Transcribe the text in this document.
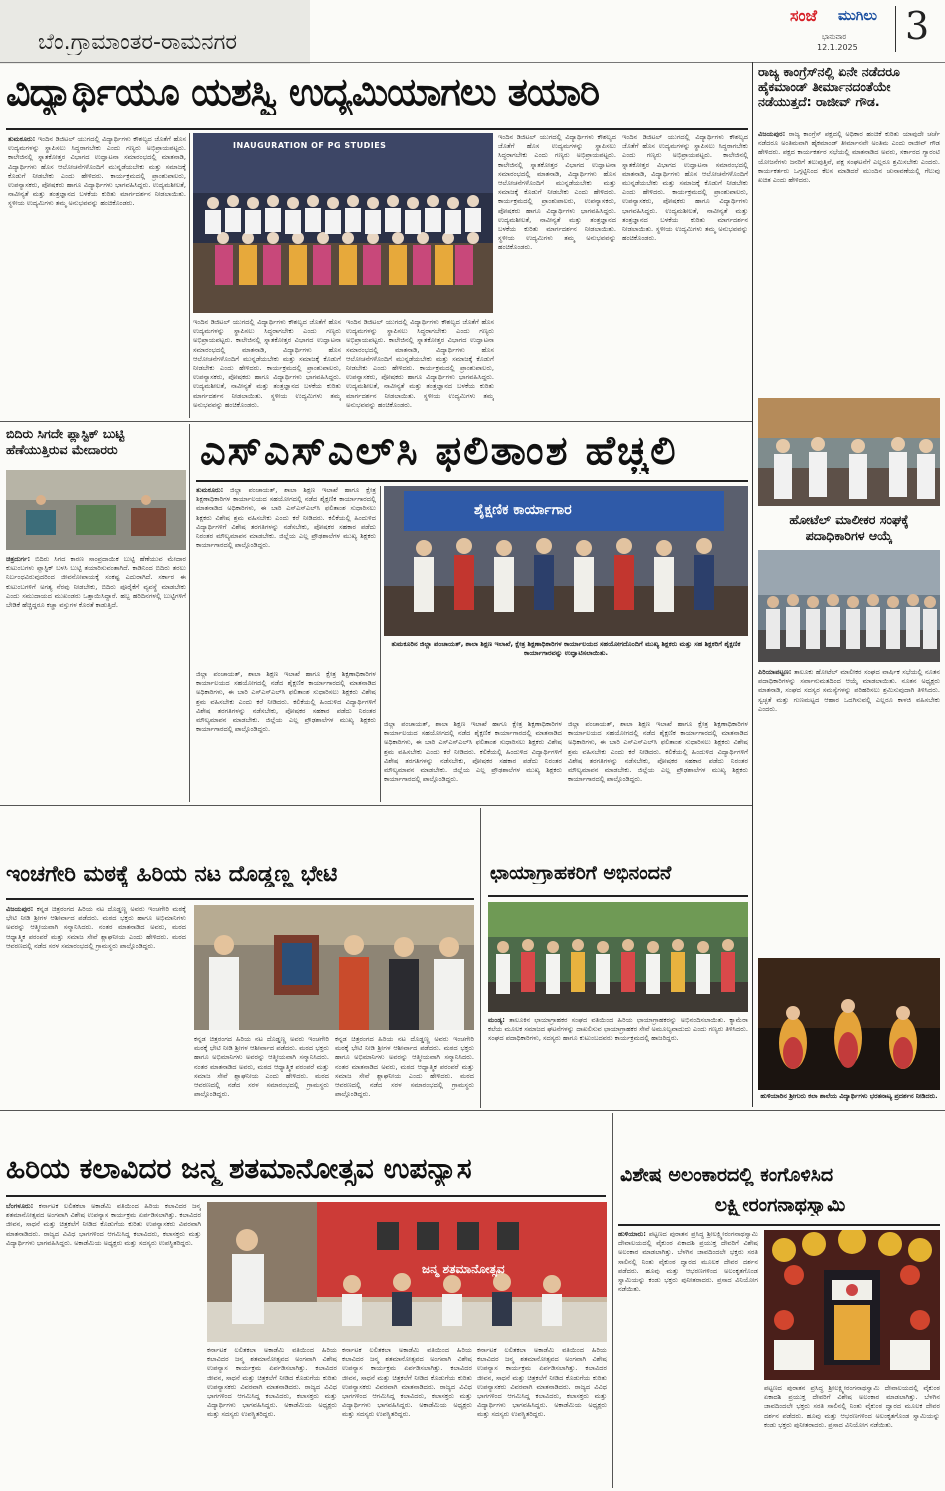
ಬೆಂ.ಗ್ರಾಮಾಂತರ-ರಾಮನಗರ
ಸಂಜೆ ಮುಗಿಲು
ಭಾನುವಾರ
12.1.2025 3
ವಿದ್ಯಾರ್ಥಿಯೂ ಯಶಸ್ವಿ ಉದ್ಯಮಿಯಾಗಲು ತಯಾರಿ
ತುಮಕೂರು: ಇಂದಿನ ಡಿಜಿಟಲ್ ಯುಗದಲ್ಲಿ ವಿದ್ಯಾರ್ಥಿಗಳು ಕೌಶಲ್ಯದ ಜೊತೆಗೆ ಹೊಸ ಉದ್ಯಮಗಳನ್ನು ಸ್ಥಾಪಿಸಲು ಸಿದ್ಧರಾಗಬೇಕು ಎಂದು ಗಣ್ಯರು ಅಭಿಪ್ರಾಯಪಟ್ಟರು. ಕಾಲೇಜಿನಲ್ಲಿ ಸ್ನಾತಕೋತ್ತರ ವಿಭಾಗದ ಉದ್ಘಾಟನಾ ಸಮಾರಂಭದಲ್ಲಿ ಮಾತನಾಡಿ, ವಿದ್ಯಾರ್ಥಿಗಳು ಹೊಸ ಆಲೋಚನೆಗಳೊಂದಿಗೆ ಮುನ್ನಡೆಯಬೇಕು ಮತ್ತು ಸಮಾಜಕ್ಕೆ ಕೊಡುಗೆ ನೀಡಬೇಕು ಎಂದು ಹೇಳಿದರು. ಕಾರ್ಯಕ್ರಮದಲ್ಲಿ ಪ್ರಾಂಶುಪಾಲರು, ಉಪನ್ಯಾಸಕರು, ಪೋಷಕರು ಹಾಗೂ ವಿದ್ಯಾರ್ಥಿಗಳು ಭಾಗವಹಿಸಿದ್ದರು. ಉದ್ಯಮಶೀಲತೆ, ನಾವೀನ್ಯತೆ ಮತ್ತು ತಂತ್ರಜ್ಞಾನದ ಬಳಕೆಯ ಕುರಿತು ಮಾರ್ಗದರ್ಶನ ನೀಡಲಾಯಿತು. ಸ್ಥಳೀಯ ಉದ್ಯಮಿಗಳು ತಮ್ಮ ಅನುಭವವನ್ನು ಹಂಚಿಕೊಂಡರು.
INAUGURATION OF PG STUDIES
ಇಂದಿನ ಡಿಜಿಟಲ್ ಯುಗದಲ್ಲಿ ವಿದ್ಯಾರ್ಥಿಗಳು ಕೌಶಲ್ಯದ ಜೊತೆಗೆ ಹೊಸ ಉದ್ಯಮಗಳನ್ನು ಸ್ಥಾಪಿಸಲು ಸಿದ್ಧರಾಗಬೇಕು ಎಂದು ಗಣ್ಯರು ಅಭಿಪ್ರಾಯಪಟ್ಟರು. ಕಾಲೇಜಿನಲ್ಲಿ ಸ್ನಾತಕೋತ್ತರ ವಿಭಾಗದ ಉದ್ಘಾಟನಾ ಸಮಾರಂಭದಲ್ಲಿ ಮಾತನಾಡಿ, ವಿದ್ಯಾರ್ಥಿಗಳು ಹೊಸ ಆಲೋಚನೆಗಳೊಂದಿಗೆ ಮುನ್ನಡೆಯಬೇಕು ಮತ್ತು ಸಮಾಜಕ್ಕೆ ಕೊಡುಗೆ ನೀಡಬೇಕು ಎಂದು ಹೇಳಿದರು. ಕಾರ್ಯಕ್ರಮದಲ್ಲಿ ಪ್ರಾಂಶುಪಾಲರು, ಉಪನ್ಯಾಸಕರು, ಪೋಷಕರು ಹಾಗೂ ವಿದ್ಯಾರ್ಥಿಗಳು ಭಾಗವಹಿಸಿದ್ದರು. ಉದ್ಯಮಶೀಲತೆ, ನಾವೀನ್ಯತೆ ಮತ್ತು ತಂತ್ರಜ್ಞಾನದ ಬಳಕೆಯ ಕುರಿತು ಮಾರ್ಗದರ್ಶನ ನೀಡಲಾಯಿತು. ಸ್ಥಳೀಯ ಉದ್ಯಮಿಗಳು ತಮ್ಮ ಅನುಭವವನ್ನು ಹಂಚಿಕೊಂಡರು.
ಇಂದಿನ ಡಿಜಿಟಲ್ ಯುಗದಲ್ಲಿ ವಿದ್ಯಾರ್ಥಿಗಳು ಕೌಶಲ್ಯದ ಜೊತೆಗೆ ಹೊಸ ಉದ್ಯಮಗಳನ್ನು ಸ್ಥಾಪಿಸಲು ಸಿದ್ಧರಾಗಬೇಕು ಎಂದು ಗಣ್ಯರು ಅಭಿಪ್ರಾಯಪಟ್ಟರು. ಕಾಲೇಜಿನಲ್ಲಿ ಸ್ನಾತಕೋತ್ತರ ವಿಭಾಗದ ಉದ್ಘಾಟನಾ ಸಮಾರಂಭದಲ್ಲಿ ಮಾತನಾಡಿ, ವಿದ್ಯಾರ್ಥಿಗಳು ಹೊಸ ಆಲೋಚನೆಗಳೊಂದಿಗೆ ಮುನ್ನಡೆಯಬೇಕು ಮತ್ತು ಸಮಾಜಕ್ಕೆ ಕೊಡುಗೆ ನೀಡಬೇಕು ಎಂದು ಹೇಳಿದರು. ಕಾರ್ಯಕ್ರಮದಲ್ಲಿ ಪ್ರಾಂಶುಪಾಲರು, ಉಪನ್ಯಾಸಕರು, ಪೋಷಕರು ಹಾಗೂ ವಿದ್ಯಾರ್ಥಿಗಳು ಭಾಗವಹಿಸಿದ್ದರು. ಉದ್ಯಮಶೀಲತೆ, ನಾವೀನ್ಯತೆ ಮತ್ತು ತಂತ್ರಜ್ಞಾನದ ಬಳಕೆಯ ಕುರಿತು ಮಾರ್ಗದರ್ಶನ ನೀಡಲಾಯಿತು. ಸ್ಥಳೀಯ ಉದ್ಯಮಿಗಳು ತಮ್ಮ ಅನುಭವವನ್ನು ಹಂಚಿಕೊಂಡರು.
ಇಂದಿನ ಡಿಜಿಟಲ್ ಯುಗದಲ್ಲಿ ವಿದ್ಯಾರ್ಥಿಗಳು ಕೌಶಲ್ಯದ ಜೊತೆಗೆ ಹೊಸ ಉದ್ಯಮಗಳನ್ನು ಸ್ಥಾಪಿಸಲು ಸಿದ್ಧರಾಗಬೇಕು ಎಂದು ಗಣ್ಯರು ಅಭಿಪ್ರಾಯಪಟ್ಟರು. ಕಾಲೇಜಿನಲ್ಲಿ ಸ್ನಾತಕೋತ್ತರ ವಿಭಾಗದ ಉದ್ಘಾಟನಾ ಸಮಾರಂಭದಲ್ಲಿ ಮಾತನಾಡಿ, ವಿದ್ಯಾರ್ಥಿಗಳು ಹೊಸ ಆಲೋಚನೆಗಳೊಂದಿಗೆ ಮುನ್ನಡೆಯಬೇಕು ಮತ್ತು ಸಮಾಜಕ್ಕೆ ಕೊಡುಗೆ ನೀಡಬೇಕು ಎಂದು ಹೇಳಿದರು. ಕಾರ್ಯಕ್ರಮದಲ್ಲಿ ಪ್ರಾಂಶುಪಾಲರು, ಉಪನ್ಯಾಸಕರು, ಪೋಷಕರು ಹಾಗೂ ವಿದ್ಯಾರ್ಥಿಗಳು ಭಾಗವಹಿಸಿದ್ದರು. ಉದ್ಯಮಶೀಲತೆ, ನಾವೀನ್ಯತೆ ಮತ್ತು ತಂತ್ರಜ್ಞಾನದ ಬಳಕೆಯ ಕುರಿತು ಮಾರ್ಗದರ್ಶನ ನೀಡಲಾಯಿತು. ಸ್ಥಳೀಯ ಉದ್ಯಮಿಗಳು ತಮ್ಮ ಅನುಭವವನ್ನು ಹಂಚಿಕೊಂಡರು.
ಇಂದಿನ ಡಿಜಿಟಲ್ ಯುಗದಲ್ಲಿ ವಿದ್ಯಾರ್ಥಿಗಳು ಕೌಶಲ್ಯದ ಜೊತೆಗೆ ಹೊಸ ಉದ್ಯಮಗಳನ್ನು ಸ್ಥಾಪಿಸಲು ಸಿದ್ಧರಾಗಬೇಕು ಎಂದು ಗಣ್ಯರು ಅಭಿಪ್ರಾಯಪಟ್ಟರು. ಕಾಲೇಜಿನಲ್ಲಿ ಸ್ನಾತಕೋತ್ತರ ವಿಭಾಗದ ಉದ್ಘಾಟನಾ ಸಮಾರಂಭದಲ್ಲಿ ಮಾತನಾಡಿ, ವಿದ್ಯಾರ್ಥಿಗಳು ಹೊಸ ಆಲೋಚನೆಗಳೊಂದಿಗೆ ಮುನ್ನಡೆಯಬೇಕು ಮತ್ತು ಸಮಾಜಕ್ಕೆ ಕೊಡುಗೆ ನೀಡಬೇಕು ಎಂದು ಹೇಳಿದರು. ಕಾರ್ಯಕ್ರಮದಲ್ಲಿ ಪ್ರಾಂಶುಪಾಲರು, ಉಪನ್ಯಾಸಕರು, ಪೋಷಕರು ಹಾಗೂ ವಿದ್ಯಾರ್ಥಿಗಳು ಭಾಗವಹಿಸಿದ್ದರು. ಉದ್ಯಮಶೀಲತೆ, ನಾವೀನ್ಯತೆ ಮತ್ತು ತಂತ್ರಜ್ಞಾನದ ಬಳಕೆಯ ಕುರಿತು ಮಾರ್ಗದರ್ಶನ ನೀಡಲಾಯಿತು. ಸ್ಥಳೀಯ ಉದ್ಯಮಿಗಳು ತಮ್ಮ ಅನುಭವವನ್ನು ಹಂಚಿಕೊಂಡರು.
ರಾಜ್ಯ ಕಾಂಗ್ರೆಸ್‌ನಲ್ಲಿ ಏನೇ ನಡೆದರೂ ಹೈಕಮಾಂಡ್ ತೀರ್ಮಾನದಂತೆಯೇ ನಡೆಯುತ್ತದೆ: ರಾಜೀವ್ ಗೌಡ.
ವಿಜಯಪುರ: ರಾಜ್ಯ ಕಾಂಗ್ರೆಸ್ ಪಕ್ಷದಲ್ಲಿ ಅಧಿಕಾರ ಹಂಚಿಕೆ ಕುರಿತು ಯಾವುದೇ ಚರ್ಚೆ ನಡೆದರೂ ಅಂತಿಮವಾಗಿ ಹೈಕಮಾಂಡ್ ತೀರ್ಮಾನವೇ ಅಂತಿಮ ಎಂದು ರಾಜೀವ್ ಗೌಡ ಹೇಳಿದರು. ಪಕ್ಷದ ಕಾರ್ಯಕರ್ತರ ಸಭೆಯಲ್ಲಿ ಮಾತನಾಡಿದ ಅವರು, ಸರ್ಕಾರದ ಗ್ಯಾರಂಟಿ ಯೋಜನೆಗಳು ಜನರಿಗೆ ತಲುಪುತ್ತಿವೆ, ಪಕ್ಷ ಸಂಘಟನೆಗೆ ಎಲ್ಲರೂ ಶ್ರಮಿಸಬೇಕು ಎಂದರು. ಕಾರ್ಯಕರ್ತರು ಒಗ್ಗಟ್ಟಿನಿಂದ ಕೆಲಸ ಮಾಡಿದರೆ ಮುಂದಿನ ಚುನಾವಣೆಯಲ್ಲಿ ಗೆಲುವು ಖಚಿತ ಎಂದು ಹೇಳಿದರು.
ಹೋಟೆಲ್ ಮಾಲೀಕರ ಸಂಘಕ್ಕೆ ಪದಾಧಿಕಾರಿಗಳ ಆಯ್ಕೆ
ಪಿರಿಯಾಪಟ್ಟಣ: ತಾಲೂಕು ಹೋಟೆಲ್ ಮಾಲೀಕರ ಸಂಘದ ವಾರ್ಷಿಕ ಸಭೆಯಲ್ಲಿ ನೂತನ ಪದಾಧಿಕಾರಿಗಳನ್ನು ಸರ್ವಾನುಮತದಿಂದ ಆಯ್ಕೆ ಮಾಡಲಾಯಿತು. ನೂತನ ಅಧ್ಯಕ್ಷರು ಮಾತನಾಡಿ, ಸಂಘದ ಸದಸ್ಯರ ಸಮಸ್ಯೆಗಳನ್ನು ಪರಿಹರಿಸಲು ಶ್ರಮಿಸುವುದಾಗಿ ತಿಳಿಸಿದರು. ಸ್ವಚ್ಛತೆ ಮತ್ತು ಗುಣಮಟ್ಟದ ಆಹಾರ ಒದಗಿಸುವಲ್ಲಿ ಎಲ್ಲರೂ ಕಾಳಜಿ ವಹಿಸಬೇಕು ಎಂದರು.
ಹುಳಿಯಾರಿನ ಶ್ರೀಗುರು ಕಲಾ ಶಾಲೆಯ ವಿದ್ಯಾರ್ಥಿಗಳು ಭರತನಾಟ್ಯ ಪ್ರದರ್ಶನ ನೀಡಿದರು.
ಬಿದಿರು ಸಿಗದೇ ಪ್ಲಾಸ್ಟಿಕ್ ಬುಟ್ಟಿ ಹೆಣೆಯುತ್ತಿರುವ ಮೇದಾರರು
ಚಿತ್ರದುರ್ಗ: ಬಿದಿರು ಸಿಗದ ಕಾರಣ ಸಾಂಪ್ರದಾಯಿಕ ಬುಟ್ಟಿ ಹೆಣೆಯುವ ಮೇದಾರ ಕುಟುಂಬಗಳು ಪ್ಲಾಸ್ಟಿಕ್ ಬಳಸಿ ಬುಟ್ಟಿ ತಯಾರಿಸುವಂತಾಗಿದೆ. ಕಾಡಿನಿಂದ ಬಿದಿರು ತರಲು ನಿರ್ಬಂಧವಿರುವುದರಿಂದ ಜೀವನೋಪಾಯಕ್ಕೆ ಸಂಕಷ್ಟ ಎದುರಾಗಿದೆ. ಸರ್ಕಾರ ಈ ಕುಟುಂಬಗಳಿಗೆ ಅಗತ್ಯ ನೆರವು ನೀಡಬೇಕು, ಬಿದಿರು ಪೂರೈಕೆಗೆ ವ್ಯವಸ್ಥೆ ಮಾಡಬೇಕು ಎಂದು ಸಮುದಾಯದ ಮುಖಂಡರು ಒತ್ತಾಯಿಸಿದ್ದಾರೆ. ಹಬ್ಬ ಹರಿದಿನಗಳಲ್ಲಿ ಬುಟ್ಟಿಗಳಿಗೆ ಬೇಡಿಕೆ ಹೆಚ್ಚಿದ್ದರೂ ಕಚ್ಚಾ ವಸ್ತುಗಳ ಕೊರತೆ ಕಾಡುತ್ತಿದೆ.
ಎಸ್‌ಎಸ್‌ಎಲ್‌ಸಿ ಫಲಿತಾಂಶ ಹೆಚ್ಚಲಿ
ತುಮಕೂರು: ಜಿಲ್ಲಾ ಪಂಚಾಯತ್, ಶಾಲಾ ಶಿಕ್ಷಣ ಇಲಾಖೆ ಹಾಗೂ ಕ್ಷೇತ್ರ ಶಿಕ್ಷಣಾಧಿಕಾರಿಗಳ ಕಾರ್ಯಾಲಯದ ಸಹಯೋಗದಲ್ಲಿ ನಡೆದ ಶೈಕ್ಷಣಿಕ ಕಾರ್ಯಾಗಾರದಲ್ಲಿ ಮಾತನಾಡಿದ ಅಧಿಕಾರಿಗಳು, ಈ ಬಾರಿ ಎಸ್‌ಎಸ್‌ಎಲ್‌ಸಿ ಫಲಿತಾಂಶ ಸುಧಾರಿಸಲು ಶಿಕ್ಷಕರು ವಿಶೇಷ ಶ್ರಮ ವಹಿಸಬೇಕು ಎಂದು ಕರೆ ನೀಡಿದರು. ಕಲಿಕೆಯಲ್ಲಿ ಹಿಂದುಳಿದ ವಿದ್ಯಾರ್ಥಿಗಳಿಗೆ ವಿಶೇಷ ತರಗತಿಗಳನ್ನು ನಡೆಸಬೇಕು, ಪೋಷಕರ ಸಹಕಾರ ಪಡೆದು ನಿರಂತರ ಮೌಲ್ಯಮಾಪನ ಮಾಡಬೇಕು. ಜಿಲ್ಲೆಯ ಎಲ್ಲ ಪ್ರೌಢಶಾಲೆಗಳ ಮುಖ್ಯ ಶಿಕ್ಷಕರು ಕಾರ್ಯಾಗಾರದಲ್ಲಿ ಪಾಲ್ಗೊಂಡಿದ್ದರು.
ಶೈಕ್ಷಣಿಕ ಕಾರ್ಯಾಗಾರ
ತುಮಕೂರಿನ ಜಿಲ್ಲಾ ಪಂಚಾಯತ್, ಶಾಲಾ ಶಿಕ್ಷಣ ಇಲಾಖೆ, ಕ್ಷೇತ್ರ ಶಿಕ್ಷಣಾಧಿಕಾರಿಗಳ ಕಾರ್ಯಾಲಯದ ಸಹಯೋಗದೊಂದಿಗೆ ಮುಖ್ಯ ಶಿಕ್ಷಕರು ಮತ್ತು ಸಹ ಶಿಕ್ಷಕರಿಗೆ ಶೈಕ್ಷಣಿಕ ಕಾರ್ಯಾಗಾರವನ್ನು ಉದ್ಘಾಟಿಸಲಾಯಿತು.
ಜಿಲ್ಲಾ ಪಂಚಾಯತ್, ಶಾಲಾ ಶಿಕ್ಷಣ ಇಲಾಖೆ ಹಾಗೂ ಕ್ಷೇತ್ರ ಶಿಕ್ಷಣಾಧಿಕಾರಿಗಳ ಕಾರ್ಯಾಲಯದ ಸಹಯೋಗದಲ್ಲಿ ನಡೆದ ಶೈಕ್ಷಣಿಕ ಕಾರ್ಯಾಗಾರದಲ್ಲಿ ಮಾತನಾಡಿದ ಅಧಿಕಾರಿಗಳು, ಈ ಬಾರಿ ಎಸ್‌ಎಸ್‌ಎಲ್‌ಸಿ ಫಲಿತಾಂಶ ಸುಧಾರಿಸಲು ಶಿಕ್ಷಕರು ವಿಶೇಷ ಶ್ರಮ ವಹಿಸಬೇಕು ಎಂದು ಕರೆ ನೀಡಿದರು. ಕಲಿಕೆಯಲ್ಲಿ ಹಿಂದುಳಿದ ವಿದ್ಯಾರ್ಥಿಗಳಿಗೆ ವಿಶೇಷ ತರಗತಿಗಳನ್ನು ನಡೆಸಬೇಕು, ಪೋಷಕರ ಸಹಕಾರ ಪಡೆದು ನಿರಂತರ ಮೌಲ್ಯಮಾಪನ ಮಾಡಬೇಕು. ಜಿಲ್ಲೆಯ ಎಲ್ಲ ಪ್ರೌಢಶಾಲೆಗಳ ಮುಖ್ಯ ಶಿಕ್ಷಕರು ಕಾರ್ಯಾಗಾರದಲ್ಲಿ ಪಾಲ್ಗೊಂಡಿದ್ದರು.
ಜಿಲ್ಲಾ ಪಂಚಾಯತ್, ಶಾಲಾ ಶಿಕ್ಷಣ ಇಲಾಖೆ ಹಾಗೂ ಕ್ಷೇತ್ರ ಶಿಕ್ಷಣಾಧಿಕಾರಿಗಳ ಕಾರ್ಯಾಲಯದ ಸಹಯೋಗದಲ್ಲಿ ನಡೆದ ಶೈಕ್ಷಣಿಕ ಕಾರ್ಯಾಗಾರದಲ್ಲಿ ಮಾತನಾಡಿದ ಅಧಿಕಾರಿಗಳು, ಈ ಬಾರಿ ಎಸ್‌ಎಸ್‌ಎಲ್‌ಸಿ ಫಲಿತಾಂಶ ಸುಧಾರಿಸಲು ಶಿಕ್ಷಕರು ವಿಶೇಷ ಶ್ರಮ ವಹಿಸಬೇಕು ಎಂದು ಕರೆ ನೀಡಿದರು. ಕಲಿಕೆಯಲ್ಲಿ ಹಿಂದುಳಿದ ವಿದ್ಯಾರ್ಥಿಗಳಿಗೆ ವಿಶೇಷ ತರಗತಿಗಳನ್ನು ನಡೆಸಬೇಕು, ಪೋಷಕರ ಸಹಕಾರ ಪಡೆದು ನಿರಂತರ ಮೌಲ್ಯಮಾಪನ ಮಾಡಬೇಕು. ಜಿಲ್ಲೆಯ ಎಲ್ಲ ಪ್ರೌಢಶಾಲೆಗಳ ಮುಖ್ಯ ಶಿಕ್ಷಕರು ಕಾರ್ಯಾಗಾರದಲ್ಲಿ ಪಾಲ್ಗೊಂಡಿದ್ದರು.
ಜಿಲ್ಲಾ ಪಂಚಾಯತ್, ಶಾಲಾ ಶಿಕ್ಷಣ ಇಲಾಖೆ ಹಾಗೂ ಕ್ಷೇತ್ರ ಶಿಕ್ಷಣಾಧಿಕಾರಿಗಳ ಕಾರ್ಯಾಲಯದ ಸಹಯೋಗದಲ್ಲಿ ನಡೆದ ಶೈಕ್ಷಣಿಕ ಕಾರ್ಯಾಗಾರದಲ್ಲಿ ಮಾತನಾಡಿದ ಅಧಿಕಾರಿಗಳು, ಈ ಬಾರಿ ಎಸ್‌ಎಸ್‌ಎಲ್‌ಸಿ ಫಲಿತಾಂಶ ಸುಧಾರಿಸಲು ಶಿಕ್ಷಕರು ವಿಶೇಷ ಶ್ರಮ ವಹಿಸಬೇಕು ಎಂದು ಕರೆ ನೀಡಿದರು. ಕಲಿಕೆಯಲ್ಲಿ ಹಿಂದುಳಿದ ವಿದ್ಯಾರ್ಥಿಗಳಿಗೆ ವಿಶೇಷ ತರಗತಿಗಳನ್ನು ನಡೆಸಬೇಕು, ಪೋಷಕರ ಸಹಕಾರ ಪಡೆದು ನಿರಂತರ ಮೌಲ್ಯಮಾಪನ ಮಾಡಬೇಕು. ಜಿಲ್ಲೆಯ ಎಲ್ಲ ಪ್ರೌಢಶಾಲೆಗಳ ಮುಖ್ಯ ಶಿಕ್ಷಕರು ಕಾರ್ಯಾಗಾರದಲ್ಲಿ ಪಾಲ್ಗೊಂಡಿದ್ದರು.
ಇಂಚಗೇರಿ ಮಠಕ್ಕೆ ಹಿರಿಯ ನಟ ದೊಡ್ಡಣ್ಣ ಭೇಟಿ
ವಿಜಯಪುರ: ಕನ್ನಡ ಚಿತ್ರರಂಗದ ಹಿರಿಯ ನಟ ದೊಡ್ಡಣ್ಣ ಅವರು ಇಂಚಗೇರಿ ಮಠಕ್ಕೆ ಭೇಟಿ ನೀಡಿ ಶ್ರೀಗಳ ಆಶೀರ್ವಾದ ಪಡೆದರು. ಮಠದ ಭಕ್ತರು ಹಾಗೂ ಅಭಿಮಾನಿಗಳು ಅವರನ್ನು ಆತ್ಮೀಯವಾಗಿ ಸನ್ಮಾನಿಸಿದರು. ನಂತರ ಮಾತನಾಡಿದ ಅವರು, ಮಠದ ಆಧ್ಯಾತ್ಮಿಕ ಪರಂಪರೆ ಮತ್ತು ಸಮಾಜ ಸೇವೆ ಶ್ಲಾಘನೀಯ ಎಂದು ಹೇಳಿದರು. ಮಠದ ಆವರಣದಲ್ಲಿ ನಡೆದ ಸರಳ ಸಮಾರಂಭದಲ್ಲಿ ಗ್ರಾಮಸ್ಥರು ಪಾಲ್ಗೊಂಡಿದ್ದರು.
ಕನ್ನಡ ಚಿತ್ರರಂಗದ ಹಿರಿಯ ನಟ ದೊಡ್ಡಣ್ಣ ಅವರು ಇಂಚಗೇರಿ ಮಠಕ್ಕೆ ಭೇಟಿ ನೀಡಿ ಶ್ರೀಗಳ ಆಶೀರ್ವಾದ ಪಡೆದರು. ಮಠದ ಭಕ್ತರು ಹಾಗೂ ಅಭಿಮಾನಿಗಳು ಅವರನ್ನು ಆತ್ಮೀಯವಾಗಿ ಸನ್ಮಾನಿಸಿದರು. ನಂತರ ಮಾತನಾಡಿದ ಅವರು, ಮಠದ ಆಧ್ಯಾತ್ಮಿಕ ಪರಂಪರೆ ಮತ್ತು ಸಮಾಜ ಸೇವೆ ಶ್ಲಾಘನೀಯ ಎಂದು ಹೇಳಿದರು. ಮಠದ ಆವರಣದಲ್ಲಿ ನಡೆದ ಸರಳ ಸಮಾರಂಭದಲ್ಲಿ ಗ್ರಾಮಸ್ಥರು ಪಾಲ್ಗೊಂಡಿದ್ದರು.
ಕನ್ನಡ ಚಿತ್ರರಂಗದ ಹಿರಿಯ ನಟ ದೊಡ್ಡಣ್ಣ ಅವರು ಇಂಚಗೇರಿ ಮಠಕ್ಕೆ ಭೇಟಿ ನೀಡಿ ಶ್ರೀಗಳ ಆಶೀರ್ವಾದ ಪಡೆದರು. ಮಠದ ಭಕ್ತರು ಹಾಗೂ ಅಭಿಮಾನಿಗಳು ಅವರನ್ನು ಆತ್ಮೀಯವಾಗಿ ಸನ್ಮಾನಿಸಿದರು. ನಂತರ ಮಾತನಾಡಿದ ಅವರು, ಮಠದ ಆಧ್ಯಾತ್ಮಿಕ ಪರಂಪರೆ ಮತ್ತು ಸಮಾಜ ಸೇವೆ ಶ್ಲಾಘನೀಯ ಎಂದು ಹೇಳಿದರು. ಮಠದ ಆವರಣದಲ್ಲಿ ನಡೆದ ಸರಳ ಸಮಾರಂಭದಲ್ಲಿ ಗ್ರಾಮಸ್ಥರು ಪಾಲ್ಗೊಂಡಿದ್ದರು.
ಛಾಯಾಗ್ರಾಹಕರಿಗೆ ಅಭಿನಂದನೆ
ಮಂಡ್ಯ: ತಾಲೂಕಿನ ಛಾಯಾಗ್ರಾಹಕರ ಸಂಘದ ವತಿಯಿಂದ ಹಿರಿಯ ಛಾಯಾಗ್ರಾಹಕರನ್ನು ಅಭಿನಂದಿಸಲಾಯಿತು. ಕ್ಯಾಮೆರಾ ಕಲೆಯ ಮೂಲಕ ಸಮಾಜದ ಘಟನೆಗಳನ್ನು ದಾಖಲಿಸುವ ಛಾಯಾಗ್ರಾಹಕರ ಸೇವೆ ಅಮೂಲ್ಯವಾದುದು ಎಂದು ಗಣ್ಯರು ತಿಳಿಸಿದರು. ಸಂಘದ ಪದಾಧಿಕಾರಿಗಳು, ಸದಸ್ಯರು ಹಾಗೂ ಕುಟುಂಬದವರು ಕಾರ್ಯಕ್ರಮದಲ್ಲಿ ಹಾಜರಿದ್ದರು.
ಹಿರಿಯ ಕಲಾವಿದರ ಜನ್ಮ ಶತಮಾನೋತ್ಸವ ಉಪನ್ಯಾಸ
ಬೆಂಗಳೂರು: ಕರ್ನಾಟಕ ಲಲಿತಕಲಾ ಅಕಾಡೆಮಿ ವತಿಯಿಂದ ಹಿರಿಯ ಕಲಾವಿದರ ಜನ್ಮ ಶತಮಾನೋತ್ಸವದ ಅಂಗವಾಗಿ ವಿಶೇಷ ಉಪನ್ಯಾಸ ಕಾರ್ಯಕ್ರಮ ಏರ್ಪಡಿಸಲಾಗಿತ್ತು. ಕಲಾವಿದರ ಜೀವನ, ಸಾಧನೆ ಮತ್ತು ಚಿತ್ರಕಲೆಗೆ ನೀಡಿದ ಕೊಡುಗೆಯ ಕುರಿತು ಉಪನ್ಯಾಸಕರು ವಿವರವಾಗಿ ಮಾತನಾಡಿದರು. ರಾಜ್ಯದ ವಿವಿಧ ಭಾಗಗಳಿಂದ ಆಗಮಿಸಿದ್ದ ಕಲಾವಿದರು, ಕಲಾಸಕ್ತರು ಮತ್ತು ವಿದ್ಯಾರ್ಥಿಗಳು ಭಾಗವಹಿಸಿದ್ದರು. ಅಕಾಡೆಮಿಯ ಅಧ್ಯಕ್ಷರು ಮತ್ತು ಸದಸ್ಯರು ಉಪಸ್ಥಿತರಿದ್ದರು.
ಜನ್ಮ ಶತಮಾನೋತ್ಸವ
ಕರ್ನಾಟಕ ಲಲಿತಕಲಾ ಅಕಾಡೆಮಿ ವತಿಯಿಂದ ಹಿರಿಯ ಕಲಾವಿದರ ಜನ್ಮ ಶತಮಾನೋತ್ಸವದ ಅಂಗವಾಗಿ ವಿಶೇಷ ಉಪನ್ಯಾಸ ಕಾರ್ಯಕ್ರಮ ಏರ್ಪಡಿಸಲಾಗಿತ್ತು. ಕಲಾವಿದರ ಜೀವನ, ಸಾಧನೆ ಮತ್ತು ಚಿತ್ರಕಲೆಗೆ ನೀಡಿದ ಕೊಡುಗೆಯ ಕುರಿತು ಉಪನ್ಯಾಸಕರು ವಿವರವಾಗಿ ಮಾತನಾಡಿದರು. ರಾಜ್ಯದ ವಿವಿಧ ಭಾಗಗಳಿಂದ ಆಗಮಿಸಿದ್ದ ಕಲಾವಿದರು, ಕಲಾಸಕ್ತರು ಮತ್ತು ವಿದ್ಯಾರ್ಥಿಗಳು ಭಾಗವಹಿಸಿದ್ದರು. ಅಕಾಡೆಮಿಯ ಅಧ್ಯಕ್ಷರು ಮತ್ತು ಸದಸ್ಯರು ಉಪಸ್ಥಿತರಿದ್ದರು.
ಕರ್ನಾಟಕ ಲಲಿತಕಲಾ ಅಕಾಡೆಮಿ ವತಿಯಿಂದ ಹಿರಿಯ ಕಲಾವಿದರ ಜನ್ಮ ಶತಮಾನೋತ್ಸವದ ಅಂಗವಾಗಿ ವಿಶೇಷ ಉಪನ್ಯಾಸ ಕಾರ್ಯಕ್ರಮ ಏರ್ಪಡಿಸಲಾಗಿತ್ತು. ಕಲಾವಿದರ ಜೀವನ, ಸಾಧನೆ ಮತ್ತು ಚಿತ್ರಕಲೆಗೆ ನೀಡಿದ ಕೊಡುಗೆಯ ಕುರಿತು ಉಪನ್ಯಾಸಕರು ವಿವರವಾಗಿ ಮಾತನಾಡಿದರು. ರಾಜ್ಯದ ವಿವಿಧ ಭಾಗಗಳಿಂದ ಆಗಮಿಸಿದ್ದ ಕಲಾವಿದರು, ಕಲಾಸಕ್ತರು ಮತ್ತು ವಿದ್ಯಾರ್ಥಿಗಳು ಭಾಗವಹಿಸಿದ್ದರು. ಅಕಾಡೆಮಿಯ ಅಧ್ಯಕ್ಷರು ಮತ್ತು ಸದಸ್ಯರು ಉಪಸ್ಥಿತರಿದ್ದರು.
ಕರ್ನಾಟಕ ಲಲಿತಕಲಾ ಅಕಾಡೆಮಿ ವತಿಯಿಂದ ಹಿರಿಯ ಕಲಾವಿದರ ಜನ್ಮ ಶತಮಾನೋತ್ಸವದ ಅಂಗವಾಗಿ ವಿಶೇಷ ಉಪನ್ಯಾಸ ಕಾರ್ಯಕ್ರಮ ಏರ್ಪಡಿಸಲಾಗಿತ್ತು. ಕಲಾವಿದರ ಜೀವನ, ಸಾಧನೆ ಮತ್ತು ಚಿತ್ರಕಲೆಗೆ ನೀಡಿದ ಕೊಡುಗೆಯ ಕುರಿತು ಉಪನ್ಯಾಸಕರು ವಿವರವಾಗಿ ಮಾತನಾಡಿದರು. ರಾಜ್ಯದ ವಿವಿಧ ಭಾಗಗಳಿಂದ ಆಗಮಿಸಿದ್ದ ಕಲಾವಿದರು, ಕಲಾಸಕ್ತರು ಮತ್ತು ವಿದ್ಯಾರ್ಥಿಗಳು ಭಾಗವಹಿಸಿದ್ದರು. ಅಕಾಡೆಮಿಯ ಅಧ್ಯಕ್ಷರು ಮತ್ತು ಸದಸ್ಯರು ಉಪಸ್ಥಿತರಿದ್ದರು.
ವಿಶೇಷ ಅಲಂಕಾರದಲ್ಲಿ ಕಂಗೊಳಿಸಿದ
ಲಕ್ಷ್ಮೀರಂಗನಾಥಸ್ವಾಮಿ
ಹುಳಿಯಾರು: ಪಟ್ಟಣದ ಪುರಾತನ ಪ್ರಸಿದ್ಧ ಶ್ರೀಲಕ್ಷ್ಮೀರಂಗನಾಥಸ್ವಾಮಿ ದೇವಾಲಯದಲ್ಲಿ ವೈಕುಂಠ ಏಕಾದಶಿ ಪ್ರಯುಕ್ತ ದೇವರಿಗೆ ವಿಶೇಷ ಅಲಂಕಾರ ಮಾಡಲಾಗಿತ್ತು. ಬೆಳಗಿನ ಜಾವದಿಂದಲೇ ಭಕ್ತರು ಸರತಿ ಸಾಲಿನಲ್ಲಿ ನಿಂತು ವೈಕುಂಠ ದ್ವಾರದ ಮೂಲಕ ದೇವರ ದರ್ಶನ ಪಡೆದರು. ಹೂವು ಮತ್ತು ಆಭರಣಗಳಿಂದ ಅಲಂಕೃತಗೊಂಡ ಸ್ವಾಮಿಯನ್ನು ಕಂಡು ಭಕ್ತರು ಪುನೀತರಾದರು. ಪ್ರಸಾದ ವಿನಿಯೋಗ ನಡೆಯಿತು.
ಪಟ್ಟಣದ ಪುರಾತನ ಪ್ರಸಿದ್ಧ ಶ್ರೀಲಕ್ಷ್ಮೀರಂಗನಾಥಸ್ವಾಮಿ ದೇವಾಲಯದಲ್ಲಿ ವೈಕುಂಠ ಏಕಾದಶಿ ಪ್ರಯುಕ್ತ ದೇವರಿಗೆ ವಿಶೇಷ ಅಲಂಕಾರ ಮಾಡಲಾಗಿತ್ತು. ಬೆಳಗಿನ ಜಾವದಿಂದಲೇ ಭಕ್ತರು ಸರತಿ ಸಾಲಿನಲ್ಲಿ ನಿಂತು ವೈಕುಂಠ ದ್ವಾರದ ಮೂಲಕ ದೇವರ ದರ್ಶನ ಪಡೆದರು. ಹೂವು ಮತ್ತು ಆಭರಣಗಳಿಂದ ಅಲಂಕೃತಗೊಂಡ ಸ್ವಾಮಿಯನ್ನು ಕಂಡು ಭಕ್ತರು ಪುನೀತರಾದರು. ಪ್ರಸಾದ ವಿನಿಯೋಗ ನಡೆಯಿತು.
